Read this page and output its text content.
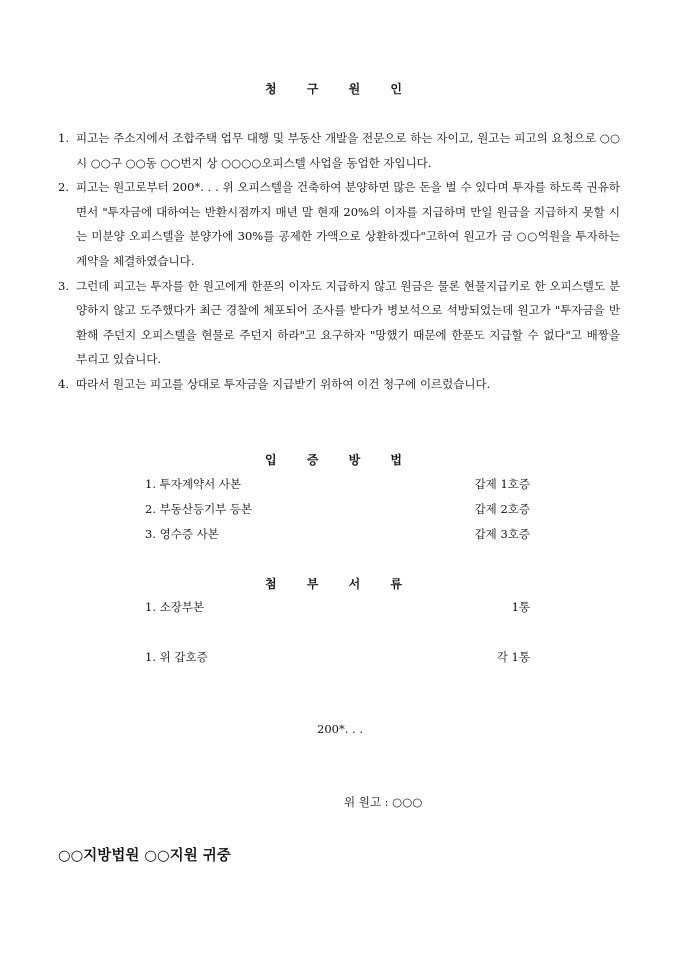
청 구 원 인
1. 피고는 주소지에서 조합주택 업무 대행 및 부동산 개발을 전문으로 하는 자이고, 원고는 피고의 요청으로 ○○시 ○○구 ○○동 ○○번지 상 ○○○○오피스텔 사업을 동업한 자입니다.
2. 피고는 원고로부터 200*. . . 위 오피스텔을 건축하여 분양하면 많은 돈을 벌 수 있다며 투자를 하도록 권유하면서 "투자금에 대하여는 반환시점까지 매년 말 현재 20%의 이자를 지급하며 만일 원금을 지급하지 못할 시는 미분양 오피스텔을 분양가에 30%를 공제한 가액으로 상환하겠다"고하여 원고가 금 ○○억원을 투자하는 계약을 체결하였습니다.
3. 그런데 피고는 투자를 한 원고에게 한푼의 이자도 지급하지 않고 원금은 물론 현물지급키로 한 오피스텔도 분양하지 않고 도주했다가 최근 경찰에 체포되어 조사를 받다가 병보석으로 석방되었는데 원고가 "투자금을 반환해 주던지 오피스텔을 현물로 주던지 하라"고 요구하자 "망했기 때문에 한푼도 지급할 수 없다"고 배짱을 부리고 있습니다.
4. 따라서 원고는 피고를 상대로 투자금을 지급받기 위하여 이건 청구에 이르렀습니다.
입 증 방 법
1. 투자계약서 사본	갑제 1호증
2. 부동산등기부 등본	갑제 2호증
3. 영수증 사본	갑제 3호증
첨 부 서 류
1. 소장부본	1통
1. 위 갑호증	각 1통
200*. . .
위 원고 : ○○○
○○지방법원 ○○지원 귀중
